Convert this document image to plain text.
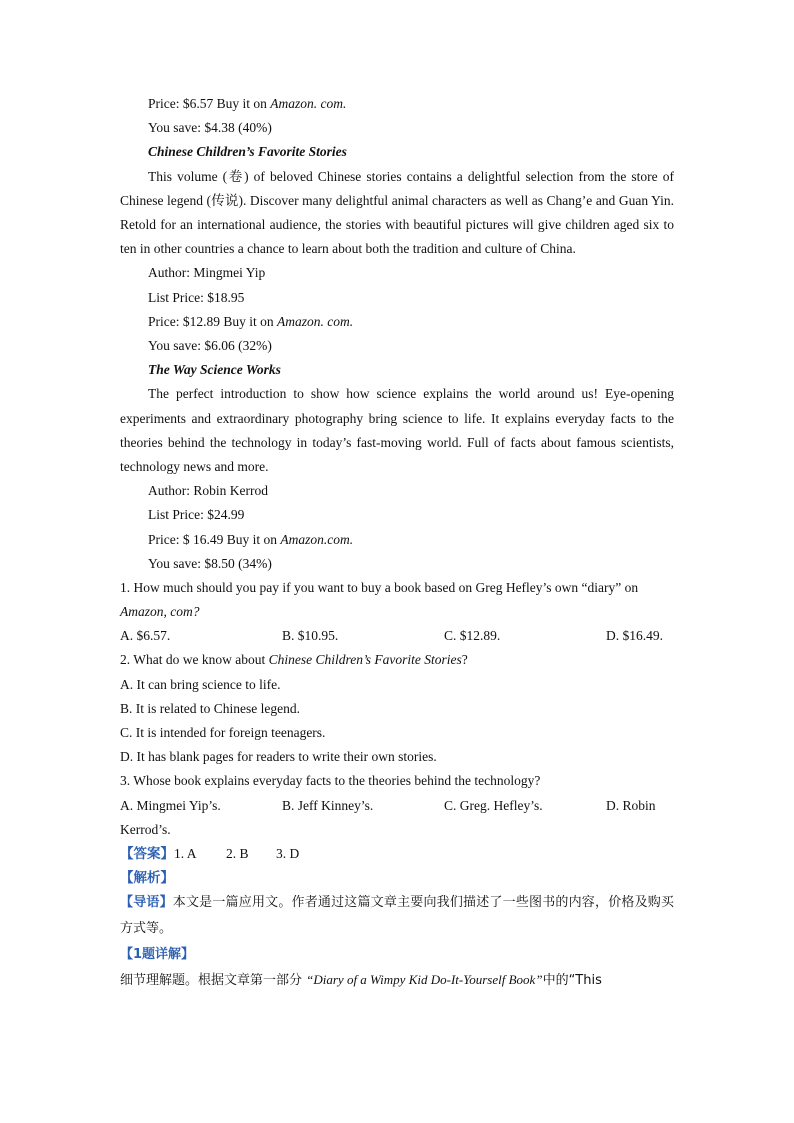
Price: $6.57 Buy it on Amazon. com.
You save: $4.38 (40%)
Chinese Children’s Favorite Stories
This volume (卷) of beloved Chinese stories contains a delightful selection from the store of Chinese legend (传说). Discover many delightful animal characters as well as Chang’e and Guan Yin. Retold for an international audience, the stories with beautiful pictures will give children aged six to ten in other countries a chance to learn about both the tradition and culture of China.
Author: Mingmei Yip
List Price: $18.95
Price: $12.89 Buy it on Amazon. com.
You save: $6.06 (32%)
The Way Science Works
The perfect introduction to show how science explains the world around us! Eye-opening experiments and extraordinary photography bring science to life. It explains everyday facts to the theories behind the technology in today’s fast-moving world. Full of facts about famous scientists, technology news and more.
Author: Robin Kerrod
List Price: $24.99
Price: $ 16.49 Buy it on Amazon.com.
You save: $8.50 (34%)
1. How much should you pay if you want to buy a book based on Greg Hefley’s own “diary” on
Amazon, com?
A. $6.57.	B. $10.95.	C. $12.89.	D. $16.49.
2. What do we know about Chinese Children’s Favorite Stories?
A. It can bring science to life.
B. It is related to Chinese legend.
C. It is intended for foreign teenagers.
D. It has blank pages for readers to write their own stories.
3. Whose book explains everyday facts to the theories behind the technology?
A. Mingmei Yip’s.	B. Jeff Kinney’s.	C. Greg. Hefley’s.	D. Robin
Kerrod’s.
【答案】1. A 2. B 3. D
【解析】
【导语】本文是一篇应用文。作者通过这篇文章主要向我们描述了一些图书的内容，价格及购买方式等。
【1题详解】
细节理解题。根据文章第一部分 “Diary of a Wimpy Kid Do-It-Yourself Book”中的“This
